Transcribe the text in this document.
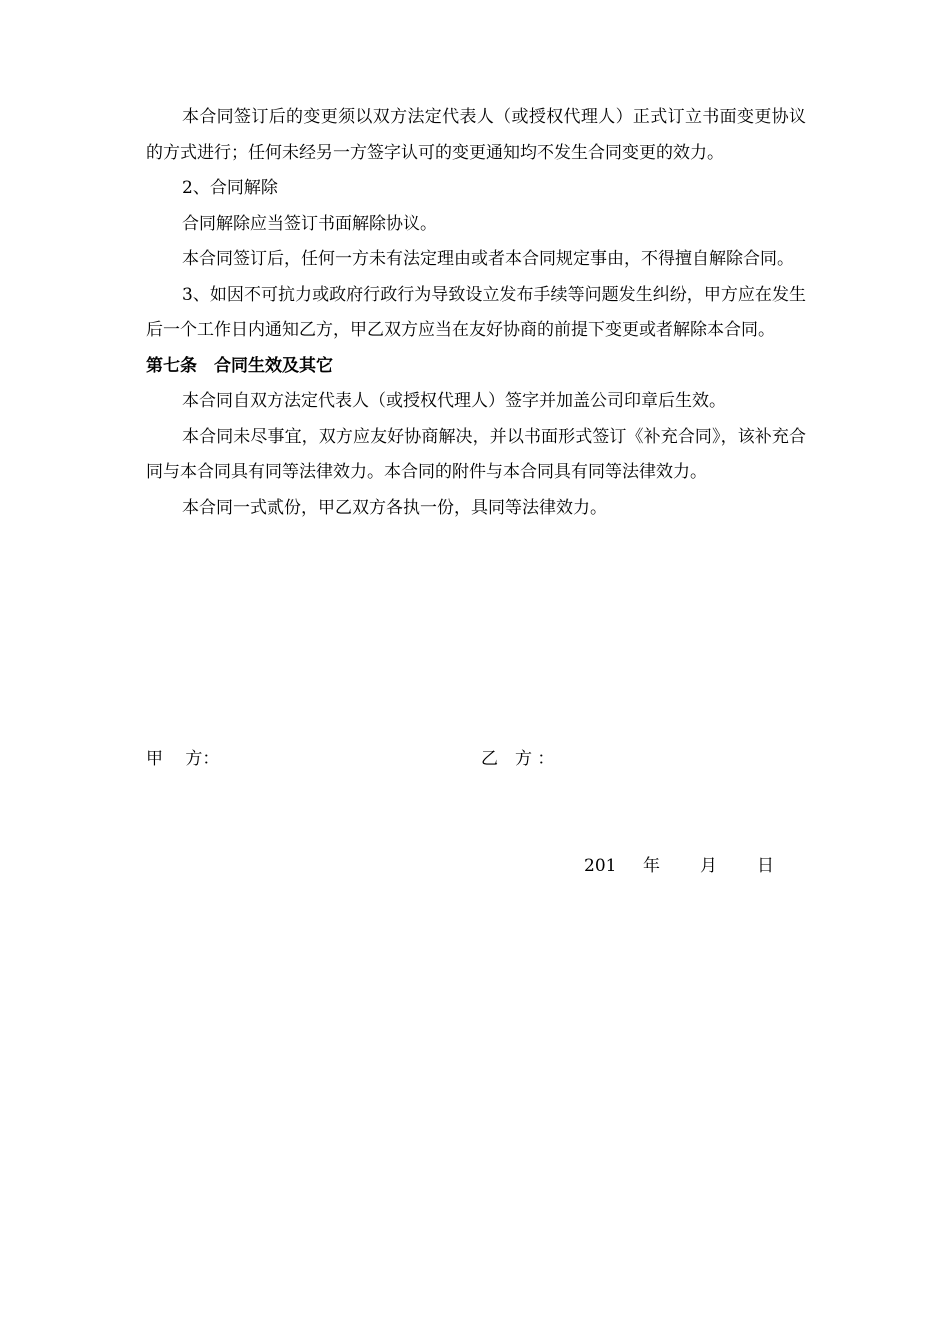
本合同签订后的变更须以双方法定代表人（或授权代理人）正式订立书面变更协议的方式进行；任何未经另一方签字认可的变更通知均不发生合同变更的效力。

2、合同解除

合同解除应当签订书面解除协议。

本合同签订后，任何一方未有法定理由或者本合同规定事由，不得擅自解除合同。

3、如因不可抗力或政府行政行为导致设立发布手续等问题发生纠纷，甲方应在发生后一个工作日内通知乙方，甲乙双方应当在友好协商的前提下变更或者解除本合同。

第七条　合同生效及其它

本合同自双方法定代表人（或授权代理人）签字并加盖公司印章后生效。

本合同未尽事宜，双方应友好协商解决，并以书面形式签订《补充合同》，该补充合同与本合同具有同等法律效力。本合同的附件与本合同具有同等法律效力。

本合同一式贰份，甲乙双方各执一份，具同等法律效力。

甲　 方：	乙　方 ：
201 年 月 日
